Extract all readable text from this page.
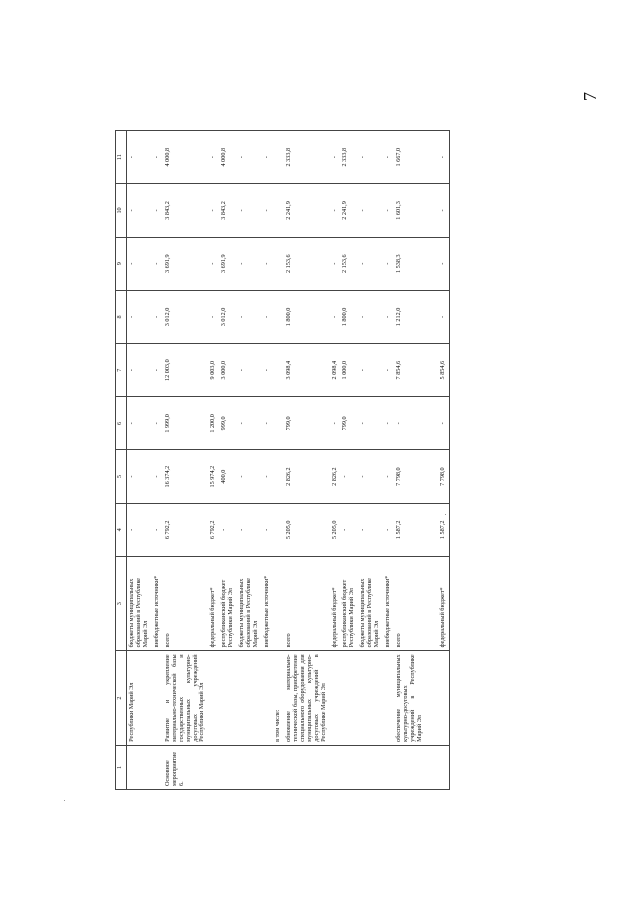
7
1	2	3	4	5	6	7	8	9	10	11
	Республики Марий Эл	бюджеты муниципальных образований в Республике Марий Эл	-	-	-	-	-	-	-	-
		внебюджетные источники*	-	-	-	-	-	-	-	-
Основное мероприятие 6.	Развитие и укрепление материально-технической базы государственных и муниципальных культурно-досуговых учреждений Республики Марий Эл	всего	6 792,2	16 374,2	1 999,0	12 003,0	3 012,0	3 691,9	3 843,2	4 000,8
		федеральный бюджет*	6 792,2	15 974,2	1 200,0	9 003,0	-	-	-	-
		республиканский бюджет Республики Марий Эл	-	400,0	999,0	3 000,0	3 012,0	3 691,9	3 843,2	4 000,8
		бюджеты муниципальных образований в Республике Марий Эл	-	-	-	-	-	-	-	-
		внебюджетные источники*	-	-	-	-	-	-	-	-
	в том числе:									
	обновление материально-технической базы, приобретение специального оборудования для муниципальных культурно-досуговых учреждений в Республике Марий Эл	всего	5 205,0	2 826,2	799,0	3 098,4	1 800,0	2 153,6	2 241,9	2 333,8
		федеральный бюджет*	5 205,0	2 826,2	-	2 098,4	-	-	-	-
		республиканский бюджет Республики Марий Эл	-	-	799,0	1 000,0	1 800,0	2 153,6	2 241,9	2 333,8
		бюджеты муниципальных образований в Республике Марий Эл	-	-	-	-	-	-	-	-
		внебюджетные источники*	-	-	-	-	-	-	-	-
	обеспечение муниципальных культурно-досуговых учреждений в Республике Марий Эл	всего	1 587,2	7 798,0	-	7 854,6	1 212,0	1 538,3	1 601,3	1 667,0
		федеральный бюджет*	1 587,2	7 798,0	-	5 854,6	-	-	-	-
